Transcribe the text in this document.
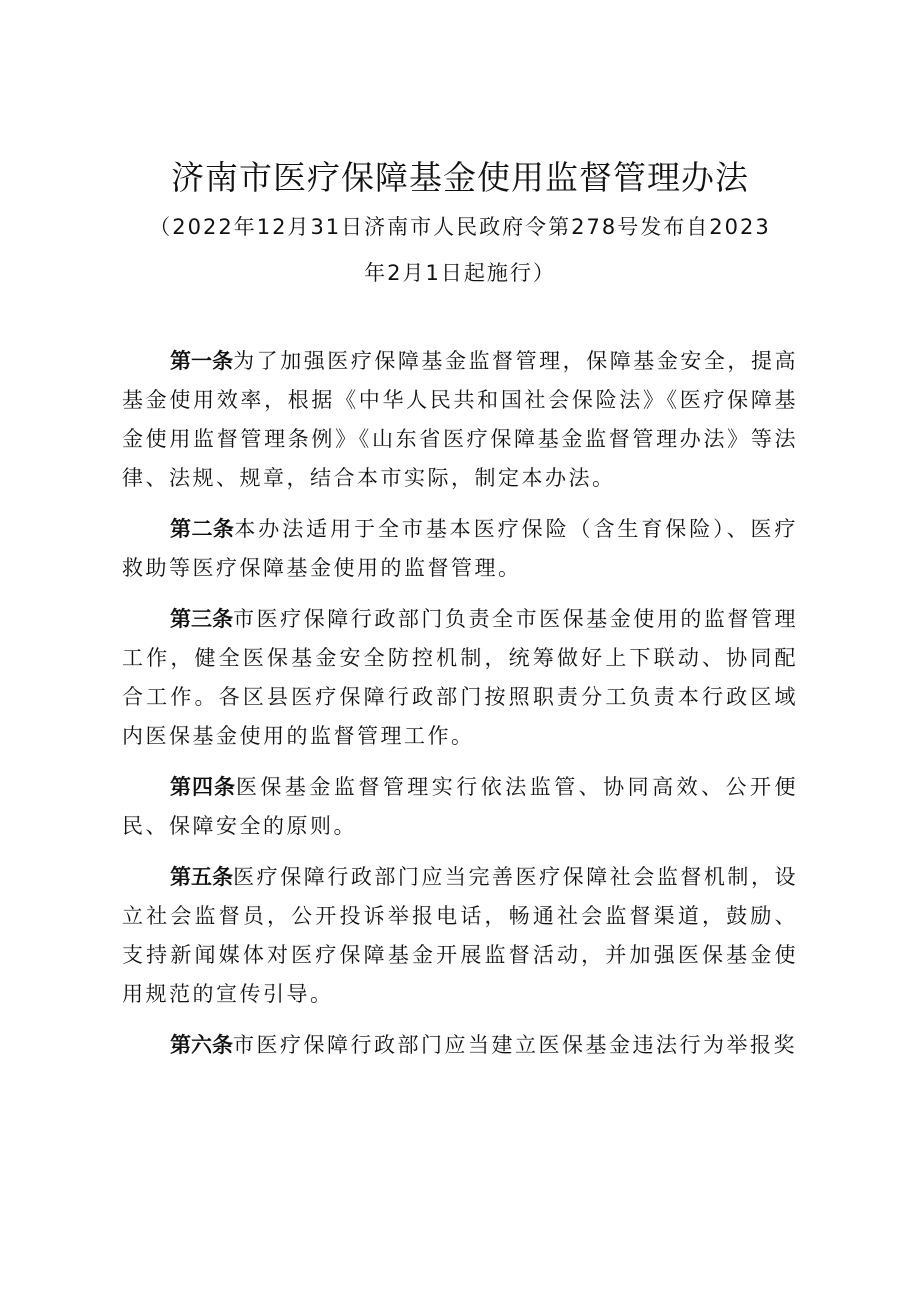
济南市医疗保障基金使用监督管理办法
（2022年12月31日济南市人民政府令第278号发布自2023
年2月1日起施行）

第一条为了加强医疗保障基金监督管理，保障基金安全，提高基金使用效率，根据《中华人民共和国社会保险法》《医疗保障基金使用监督管理条例》《山东省医疗保障基金监督管理办法》等法律、法规、规章，结合本市实际，制定本办法。

第二条本办法适用于全市基本医疗保险（含生育保险）、医疗救助等医疗保障基金使用的监督管理。

第三条市医疗保障行政部门负责全市医保基金使用的监督管理工作，健全医保基金安全防控机制，统筹做好上下联动、协同配合工作。各区县医疗保障行政部门按照职责分工负责本行政区域内医保基金使用的监督管理工作。

第四条医保基金监督管理实行依法监管、协同高效、公开便民、保障安全的原则。

第五条医疗保障行政部门应当完善医疗保障社会监督机制，设立社会监督员，公开投诉举报电话，畅通社会监督渠道，鼓励、支持新闻媒体对医疗保障基金开展监督活动，并加强医保基金使用规范的宣传引导。

第六条市医疗保障行政部门应当建立医保基金违法行为举报奖
